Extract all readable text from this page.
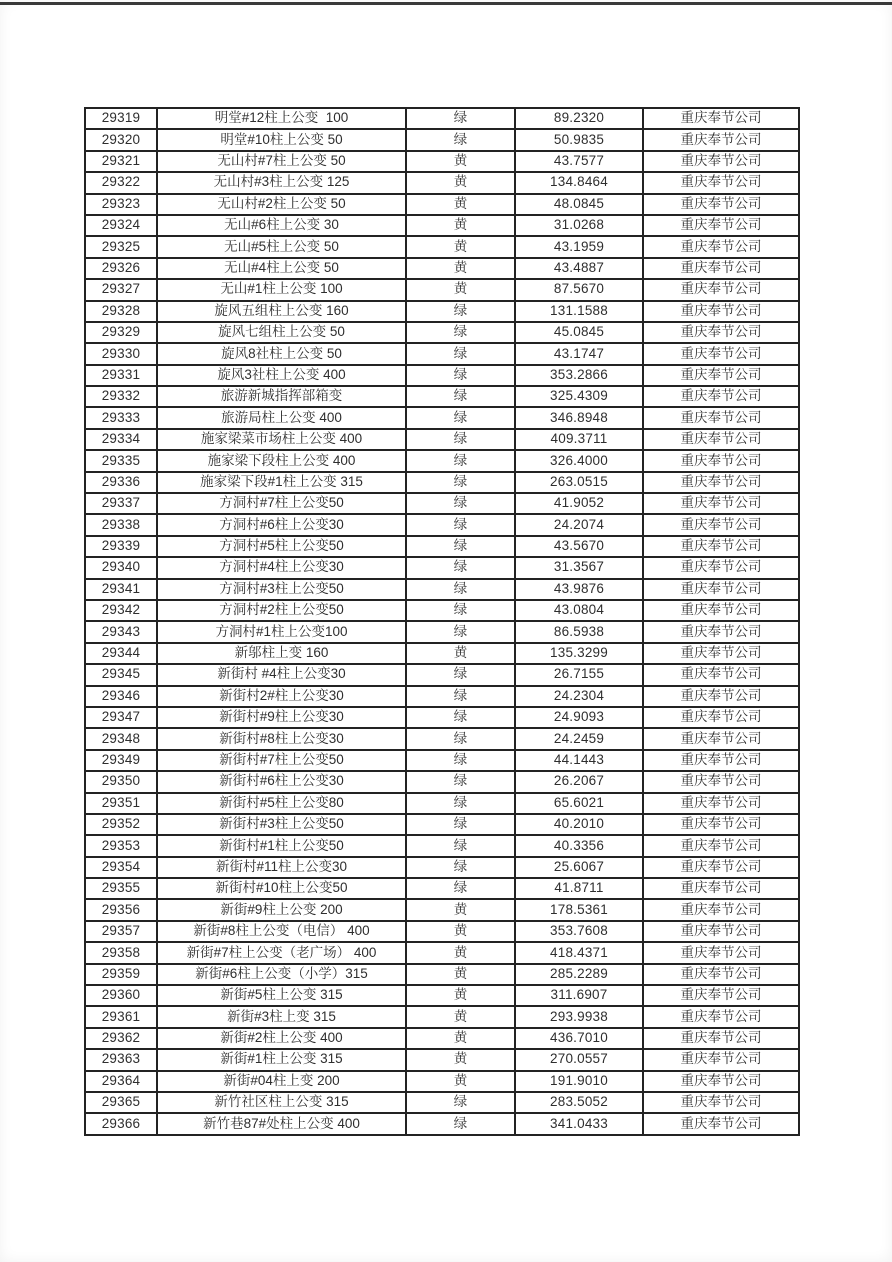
29319	明堂#12柱上公变  100	绿	89.2320	重庆奉节公司
29320	明堂#10柱上公变 50	绿	50.9835	重庆奉节公司
29321	无山村#7柱上公变 50	黄	43.7577	重庆奉节公司
29322	无山村#3柱上公变 125	黄	134.8464	重庆奉节公司
29323	无山村#2柱上公变 50	黄	48.0845	重庆奉节公司
29324	无山#6柱上公变 30	黄	31.0268	重庆奉节公司
29325	无山#5柱上公变 50	黄	43.1959	重庆奉节公司
29326	无山#4柱上公变 50	黄	43.4887	重庆奉节公司
29327	无山#1柱上公变 100	黄	87.5670	重庆奉节公司
29328	旋风五组柱上公变 160	绿	131.1588	重庆奉节公司
29329	旋风七组柱上公变 50	绿	45.0845	重庆奉节公司
29330	旋风8社柱上公变 50	绿	43.1747	重庆奉节公司
29331	旋风3社柱上公变 400	绿	353.2866	重庆奉节公司
29332	旅游新城指挥部箱变	绿	325.4309	重庆奉节公司
29333	旅游局柱上公变 400	绿	346.8948	重庆奉节公司
29334	施家梁菜市场柱上公变 400	绿	409.3711	重庆奉节公司
29335	施家梁下段柱上公变 400	绿	326.4000	重庆奉节公司
29336	施家梁下段#1柱上公变 315	绿	263.0515	重庆奉节公司
29337	方洞村#7柱上公变50	绿	41.9052	重庆奉节公司
29338	方洞村#6柱上公变30	绿	24.2074	重庆奉节公司
29339	方洞村#5柱上公变50	绿	43.5670	重庆奉节公司
29340	方洞村#4柱上公变30	绿	31.3567	重庆奉节公司
29341	方洞村#3柱上公变50	绿	43.9876	重庆奉节公司
29342	方洞村#2柱上公变50	绿	43.0804	重庆奉节公司
29343	方洞村#1柱上公变100	绿	86.5938	重庆奉节公司
29344	新邬柱上变 160	黄	135.3299	重庆奉节公司
29345	新街村 #4柱上公变30	绿	26.7155	重庆奉节公司
29346	新街村2#柱上公变30	绿	24.2304	重庆奉节公司
29347	新街村#9柱上公变30	绿	24.9093	重庆奉节公司
29348	新街村#8柱上公变30	绿	24.2459	重庆奉节公司
29349	新街村#7柱上公变50	绿	44.1443	重庆奉节公司
29350	新街村#6柱上公变30	绿	26.2067	重庆奉节公司
29351	新街村#5柱上公变80	绿	65.6021	重庆奉节公司
29352	新街村#3柱上公变50	绿	40.2010	重庆奉节公司
29353	新街村#1柱上公变50	绿	40.3356	重庆奉节公司
29354	新街村#11柱上公变30	绿	25.6067	重庆奉节公司
29355	新街村#10柱上公变50	绿	41.8711	重庆奉节公司
29356	新街#9柱上公变 200	黄	178.5361	重庆奉节公司
29357	新街#8柱上公变（电信） 400	黄	353.7608	重庆奉节公司
29358	新街#7柱上公变（老广场） 400	黄	418.4371	重庆奉节公司
29359	新街#6柱上公变（小学）315	黄	285.2289	重庆奉节公司
29360	新街#5柱上公变 315	黄	311.6907	重庆奉节公司
29361	新街#3柱上变 315	黄	293.9938	重庆奉节公司
29362	新街#2柱上公变 400	黄	436.7010	重庆奉节公司
29363	新街#1柱上公变 315	黄	270.0557	重庆奉节公司
29364	新街#04柱上变 200	黄	191.9010	重庆奉节公司
29365	新竹社区柱上公变 315	绿	283.5052	重庆奉节公司
29366	新竹巷87#处柱上公变 400	绿	341.0433	重庆奉节公司
